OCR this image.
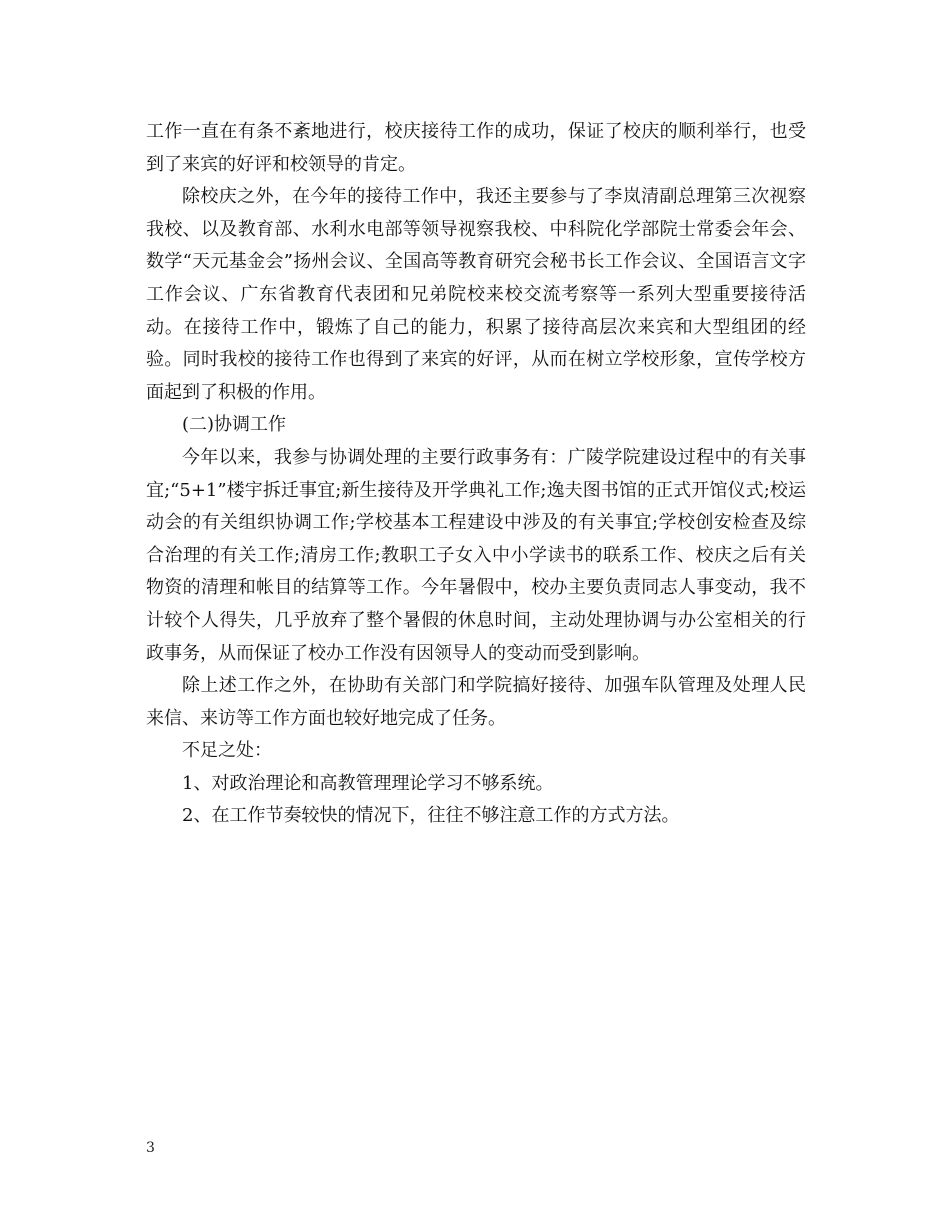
工作一直在有条不紊地进行，校庆接待工作的成功，保证了校庆的顺利举行，也受到了来宾的好评和校领导的肯定。

除校庆之外，在今年的接待工作中，我还主要参与了李岚清副总理第三次视察我校、以及教育部、水利水电部等领导视察我校、中科院化学部院士常委会年会、数学“天元基金会”扬州会议、全国高等教育研究会秘书长工作会议、全国语言文字工作会议、广东省教育代表团和兄弟院校来校交流考察等一系列大型重要接待活动。在接待工作中，锻炼了自己的能力，积累了接待高层次来宾和大型组团的经验。同时我校的接待工作也得到了来宾的好评，从而在树立学校形象，宣传学校方面起到了积极的作用。

(二)协调工作

今年以来，我参与协调处理的主要行政事务有：广陵学院建设过程中的有关事宜;“5+1”楼宇拆迁事宜;新生接待及开学典礼工作;逸夫图书馆的正式开馆仪式;校运动会的有关组织协调工作;学校基本工程建设中涉及的有关事宜;学校创安检查及综合治理的有关工作;清房工作;教职工子女入中小学读书的联系工作、校庆之后有关物资的清理和帐目的结算等工作。今年暑假中，校办主要负责同志人事变动，我不计较个人得失，几乎放弃了整个暑假的休息时间，主动处理协调与办公室相关的行政事务，从而保证了校办工作没有因领导人的变动而受到影响。

除上述工作之外，在协助有关部门和学院搞好接待、加强车队管理及处理人民来信、来访等工作方面也较好地完成了任务。

不足之处：

1、对政治理论和高教管理理论学习不够系统。

2、在工作节奏较快的情况下，往往不够注意工作的方式方法。

3
